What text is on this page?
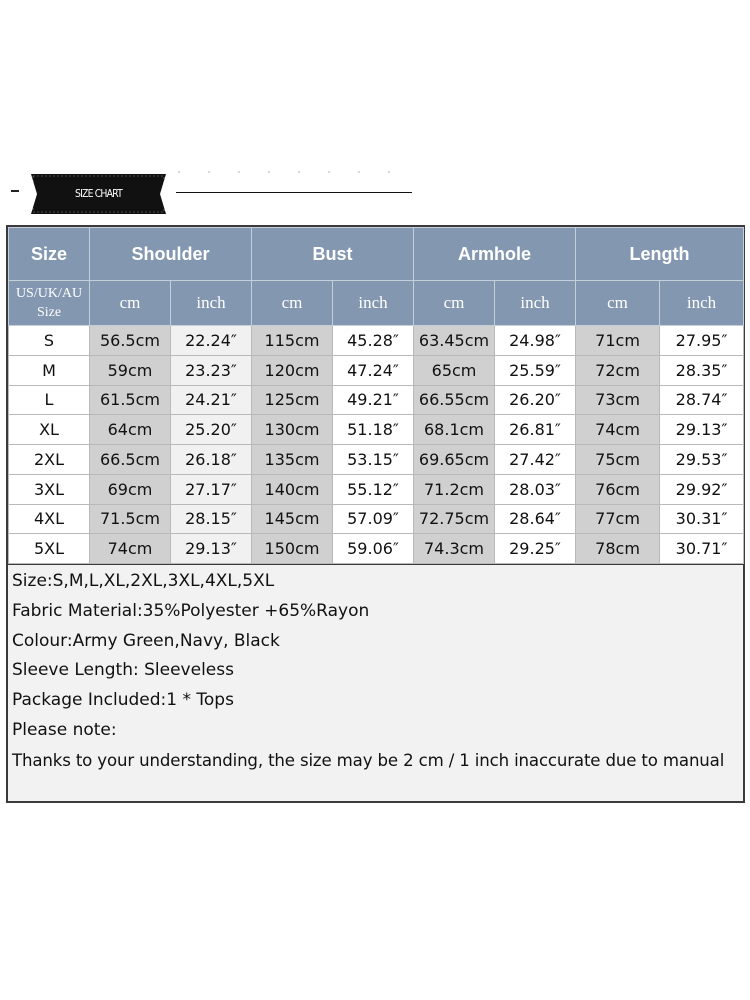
SIZE CHART
Size	Shoulder		Bust		Armhole		Length	
US/UK/AU Size	cm	inch	cm	inch	cm	inch	cm	inch
S	56.5cm	22.24″	115cm	45.28″	63.45cm	24.98″	71cm	27.95″
M	59cm	23.23″	120cm	47.24″	65cm	25.59″	72cm	28.35″
L	61.5cm	24.21″	125cm	49.21″	66.55cm	26.20″	73cm	28.74″
XL	64cm	25.20″	130cm	51.18″	68.1cm	26.81″	74cm	29.13″
2XL	66.5cm	26.18″	135cm	53.15″	69.65cm	27.42″	75cm	29.53″
3XL	69cm	27.17″	140cm	55.12″	71.2cm	28.03″	76cm	29.92″
4XL	71.5cm	28.15″	145cm	57.09″	72.75cm	28.64″	77cm	30.31″
5XL	74cm	29.13″	150cm	59.06″	74.3cm	29.25″	78cm	30.71″
Size:S,M,L,XL,2XL,3XL,4XL,5XL
Fabric Material:35%Polyester +65%Rayon
Colour:Army Green,Navy, Black
Sleeve Length: Sleeveless
Package Included:1 * Tops
Please note:
Thanks to your understanding, the size may be 2 cm / 1 inch inaccurate due to manual
